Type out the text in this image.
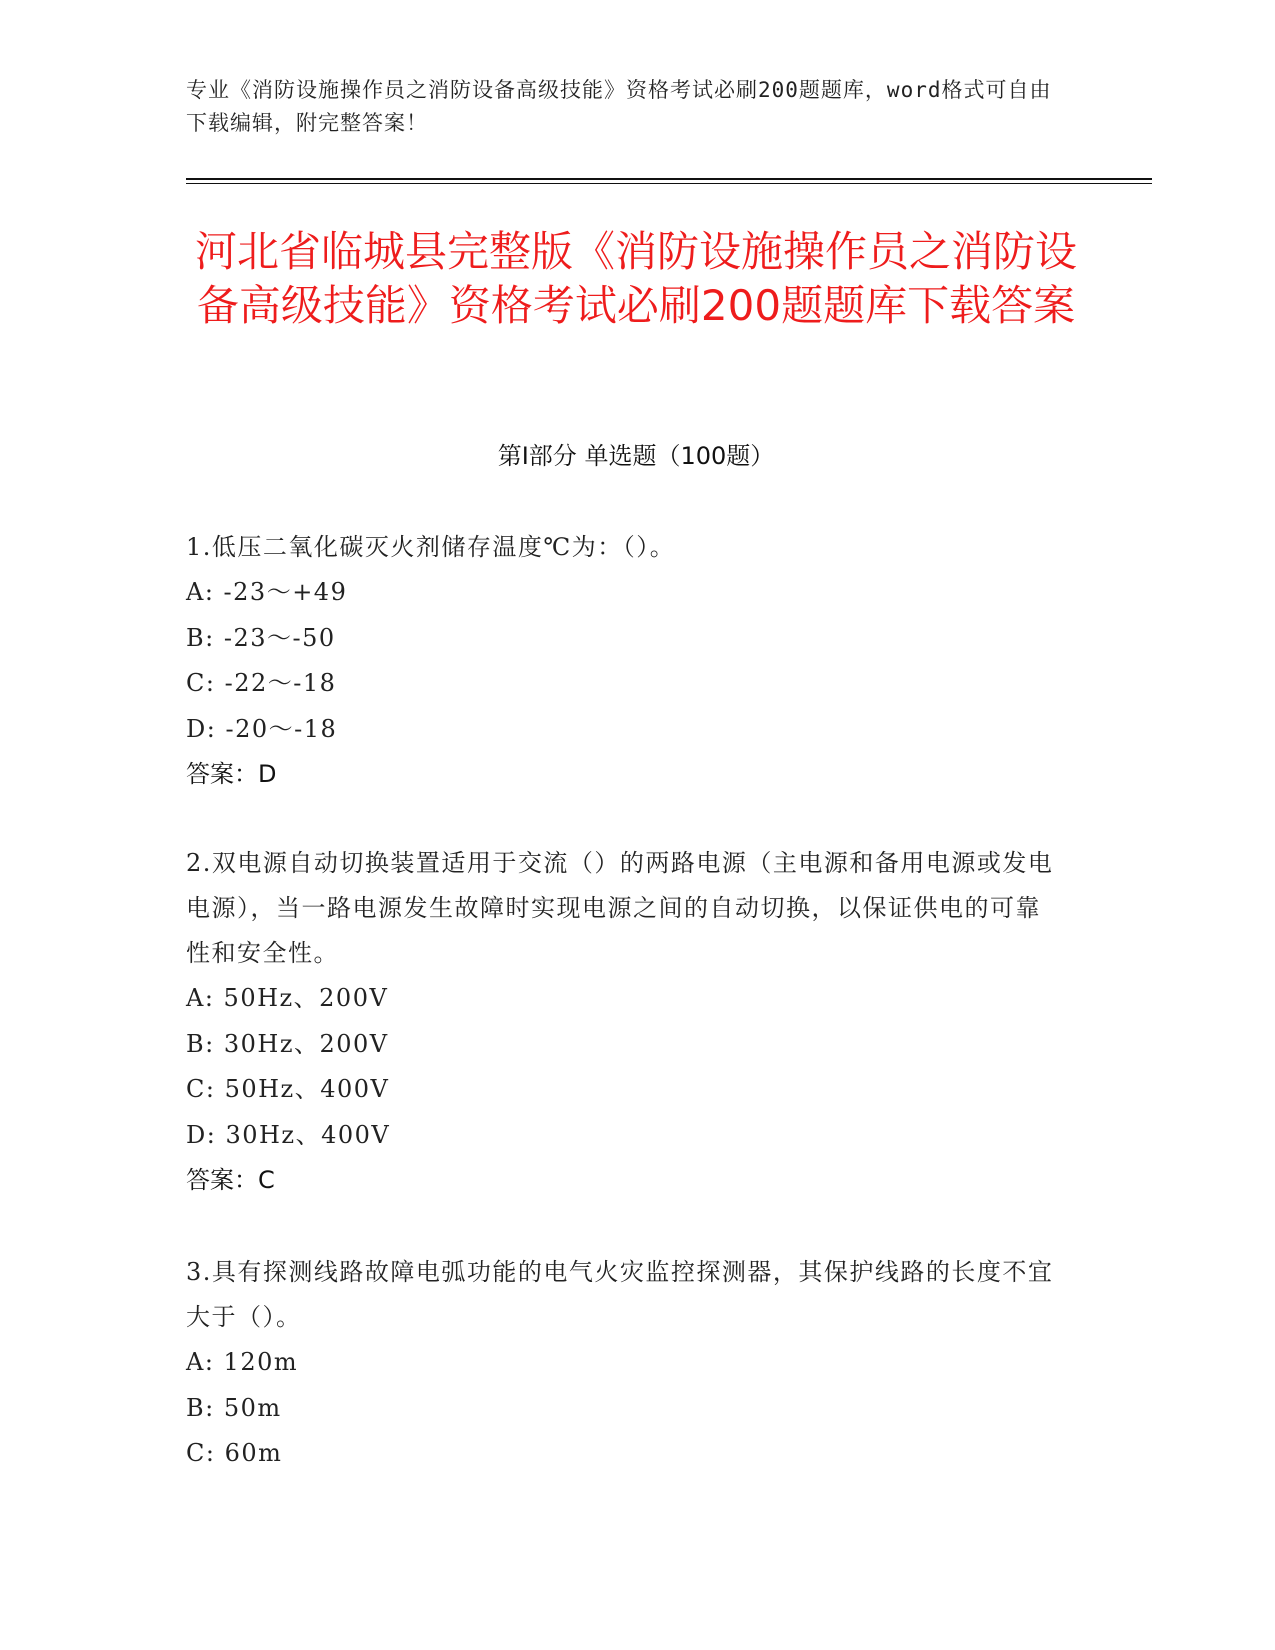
专业《消防设施操作员之消防设备高级技能》资格考试必刷200题题库，word格式可自由下载编辑，附完整答案！
河北省临城县完整版《消防设施操作员之消防设备高级技能》资格考试必刷200题题库下载答案
第Ⅰ部分 单选题（100题）
1.低压二氧化碳灭火剂储存温度℃为：（）。
A: -23～+49
B: -23～-50
C: -22～-18
D: -20～-18
答案：D
2.双电源自动切换装置适用于交流（）的两路电源（主电源和备用电源或发电电源），当一路电源发生故障时实现电源之间的自动切换，以保证供电的可靠性和安全性。
A: 50Hz、200V
B: 30Hz、200V
C: 50Hz、400V
D: 30Hz、400V
答案：C
3.具有探测线路故障电弧功能的电气火灾监控探测器，其保护线路的长度不宜大于（）。
A: 120m
B: 50m
C: 60m
